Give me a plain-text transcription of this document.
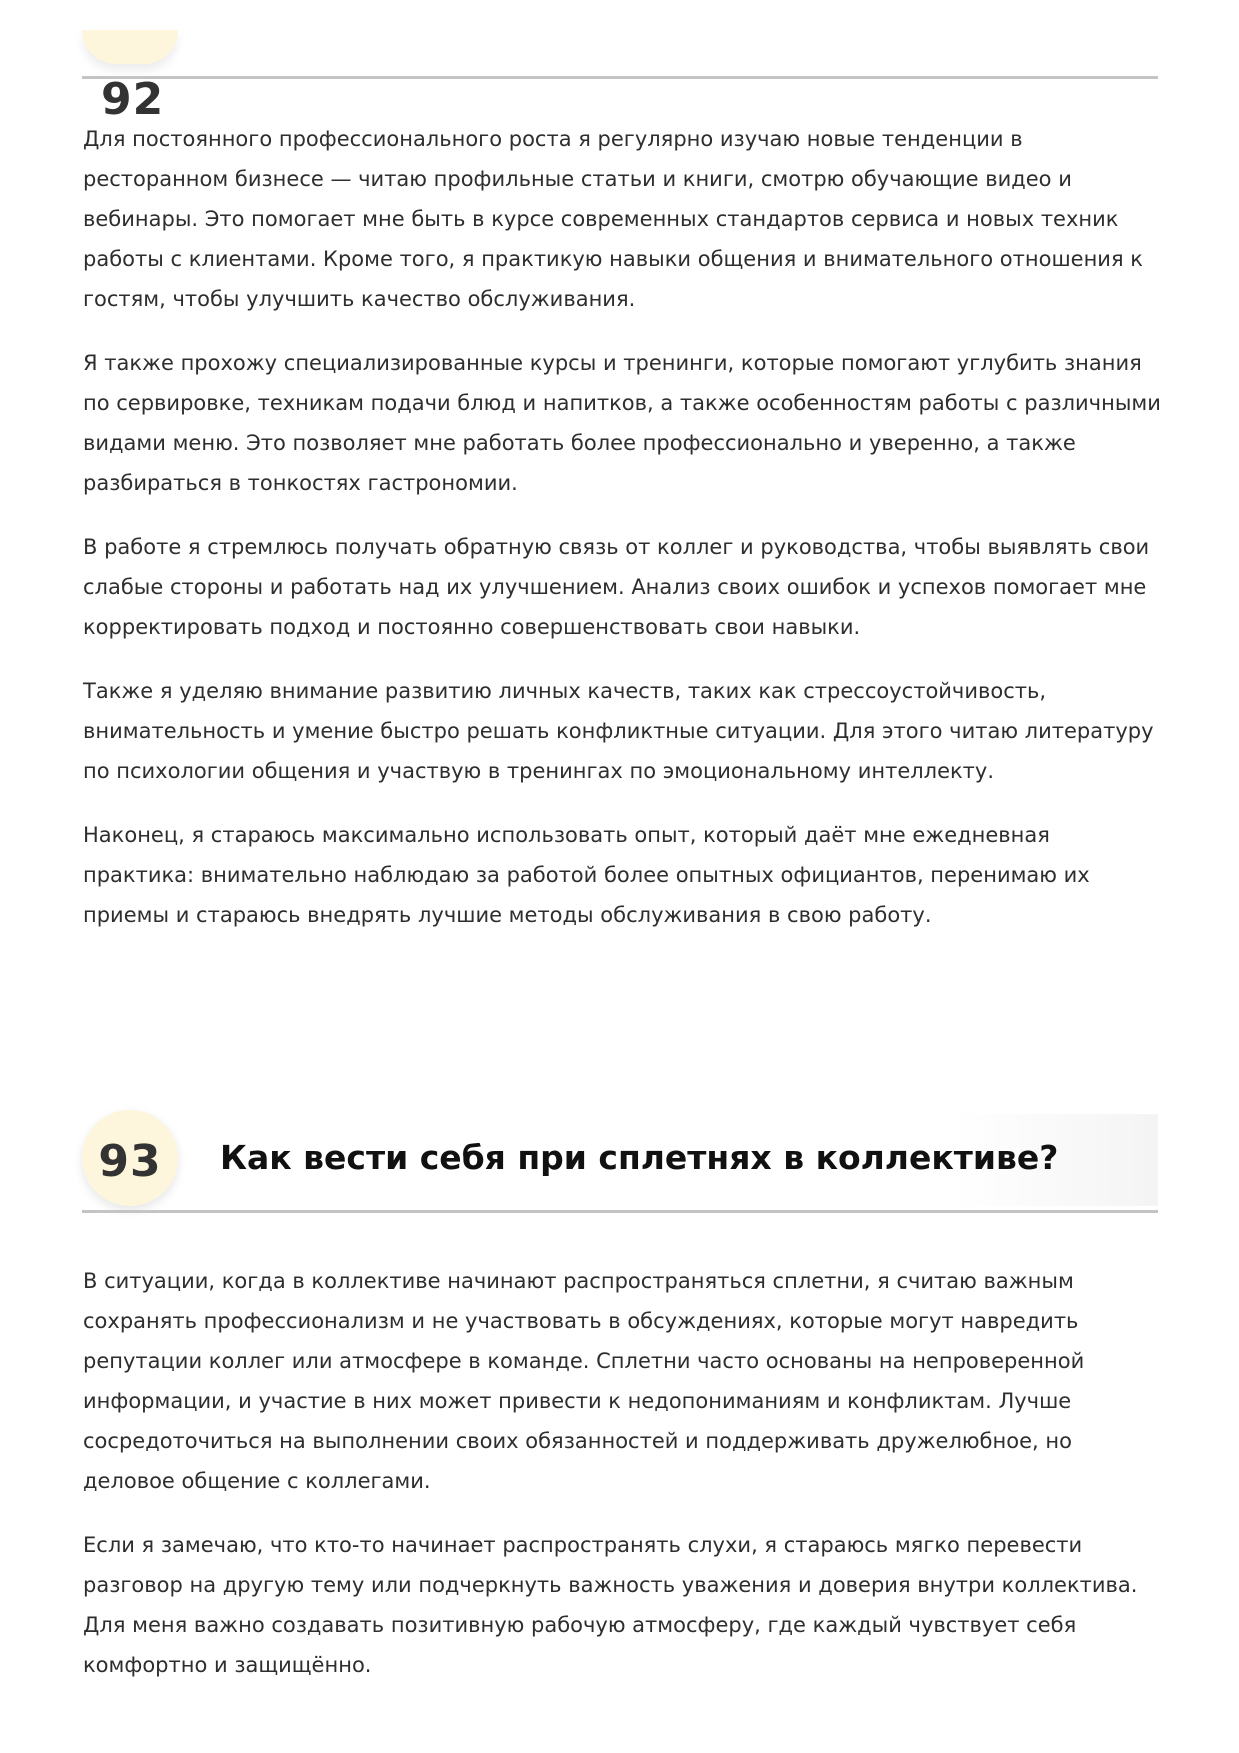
92

Для постоянного профессионального роста я регулярно изучаю новые тенденции в ресторанном бизнесе — читаю профильные статьи и книги, смотрю обучающие видео и вебинары. Это помогает мне быть в курсе современных стандартов сервиса и новых техник работы с клиентами. Кроме того, я практикую навыки общения и внимательного отношения к гостям, чтобы улучшить качество обслуживания.

Я также прохожу специализированные курсы и тренинги, которые помогают углубить знания по сервировке, техникам подачи блюд и напитков, а также особенностям работы с различными видами меню. Это позволяет мне работать более профессионально и уверенно, а также разбираться в тонкостях гастрономии.

В работе я стремлюсь получать обратную связь от коллег и руководства, чтобы выявлять свои слабые стороны и работать над их улучшением. Анализ своих ошибок и успехов помогает мне корректировать подход и постоянно совершенствовать свои навыки.

Также я уделяю внимание развитию личных качеств, таких как стрессоустойчивость, внимательность и умение быстро решать конфликтные ситуации. Для этого читаю литературу по психологии общения и участвую в тренингах по эмоциональному интеллекту.

Наконец, я стараюсь максимально использовать опыт, который даёт мне ежедневная практика: внимательно наблюдаю за работой более опытных официантов, перенимаю их приемы и стараюсь внедрять лучшие методы обслуживания в свою работу.

93	Как вести себя при сплетнях в коллективе?

В ситуации, когда в коллективе начинают распространяться сплетни, я считаю важным сохранять профессионализм и не участвовать в обсуждениях, которые могут навредить репутации коллег или атмосфере в команде. Сплетни часто основаны на непроверенной информации, и участие в них может привести к недопониманиям и конфликтам. Лучше сосредоточиться на выполнении своих обязанностей и поддерживать дружелюбное, но деловое общение с коллегами.

Если я замечаю, что кто-то начинает распространять слухи, я стараюсь мягко перевести разговор на другую тему или подчеркнуть важность уважения и доверия внутри коллектива. Для меня важно создавать позитивную рабочую атмосферу, где каждый чувствует себя комфортно и защищённо.
